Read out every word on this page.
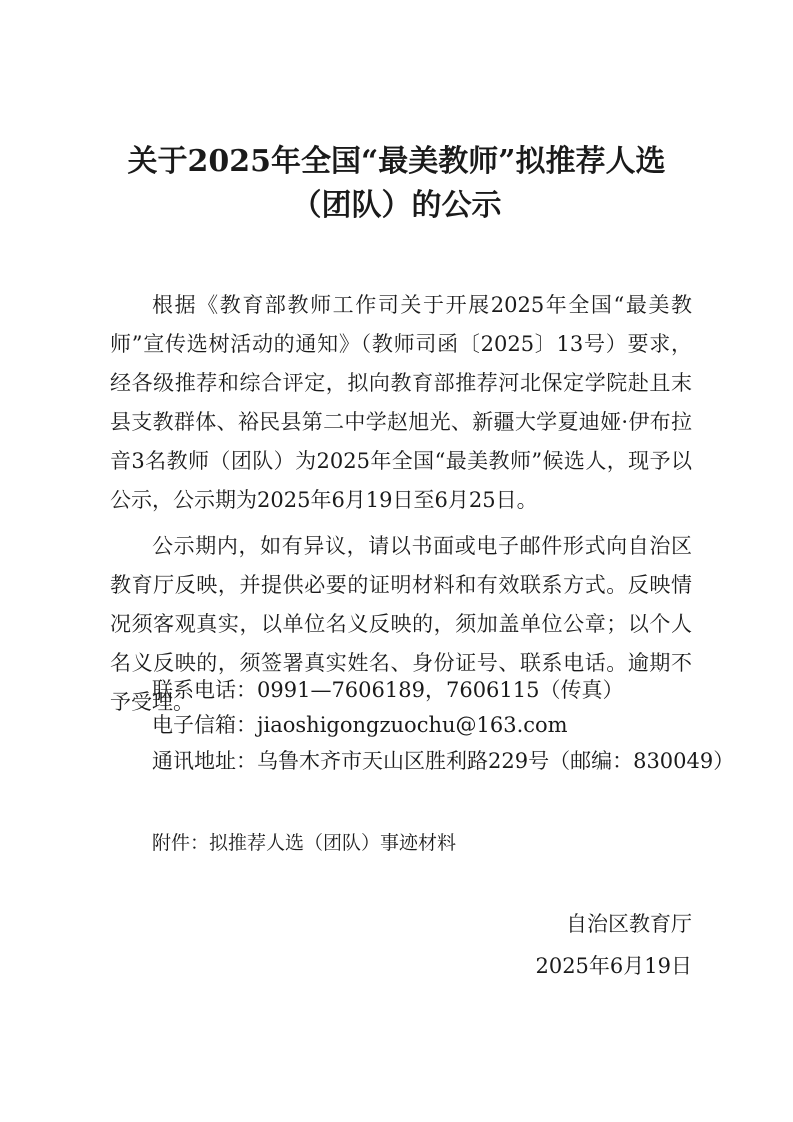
关于2025年全国“最美教师”拟推荐人选
（团队）的公示

根据《教育部教师工作司关于开展2025年全国“最美教师”宣传选树活动的通知》（教师司函〔2025〕13号）要求，经各级推荐和综合评定，拟向教育部推荐河北保定学院赴且末县支教群体、裕民县第二中学赵旭光、新疆大学夏迪娅·伊布拉音3名教师（团队）为2025年全国“最美教师”候选人，现予以公示，公示期为2025年6月19日至6月25日。

公示期内，如有异议，请以书面或电子邮件形式向自治区教育厅反映，并提供必要的证明材料和有效联系方式。反映情况须客观真实，以单位名义反映的，须加盖单位公章；以个人名义反映的，须签署真实姓名、身份证号、联系电话。逾期不予受理。

联系电话：0991—7606189，7606115（传真）
电子信箱：jiaoshigongzuochu@163.com
通讯地址：乌鲁木齐市天山区胜利路229号（邮编：830049）
附件：拟推荐人选（团队）事迹材料
自治区教育厅
2025年6月19日
